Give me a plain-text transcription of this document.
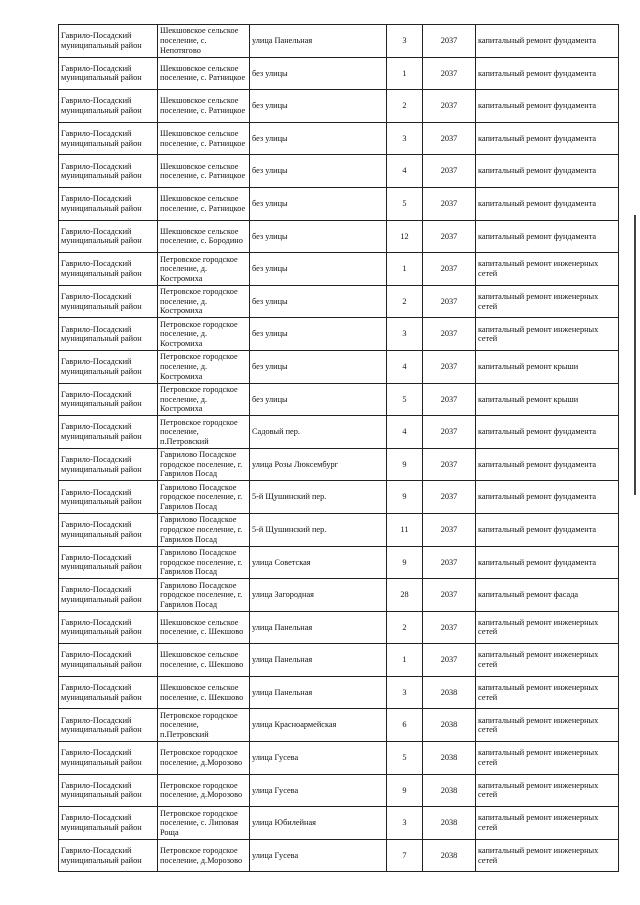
Гаврило-Посадский муниципальный район	Шекшовское сельское поселение, с. Непотягово	улица Панельная	3	2037	капитальный ремонт фундамента
Гаврило-Посадский муниципальный район	Шекшовское сельское поселение, с. Ратницкое	без улицы	1	2037	капитальный ремонт фундамента
Гаврило-Посадский муниципальный район	Шекшовское сельское поселение, с. Ратницкое	без улицы	2	2037	капитальный ремонт фундамента
Гаврило-Посадский муниципальный район	Шекшовское сельское поселение, с. Ратницкое	без улицы	3	2037	капитальный ремонт фундамента
Гаврило-Посадский муниципальный район	Шекшовское сельское поселение, с. Ратницкое	без улицы	4	2037	капитальный ремонт фундамента
Гаврило-Посадский муниципальный район	Шекшовское сельское поселение, с. Ратницкое	без улицы	5	2037	капитальный ремонт фундамента
Гаврило-Посадский муниципальный район	Шекшовское сельское поселение, с. Бородино	без улицы	12	2037	капитальный ремонт фундамента
Гаврило-Посадский муниципальный район	Петровское городское поселение, д. Костромиха	без улицы	1	2037	капитальный ремонт инженерных сетей
Гаврило-Посадский муниципальный район	Петровское городское поселение, д. Костромиха	без улицы	2	2037	капитальный ремонт инженерных сетей
Гаврило-Посадский муниципальный район	Петровское городское поселение, д. Костромиха	без улицы	3	2037	капитальный ремонт инженерных сетей
Гаврило-Посадский муниципальный район	Петровское городское поселение, д. Костромиха	без улицы	4	2037	капитальный ремонт крыши
Гаврило-Посадский муниципальный район	Петровское городское поселение, д. Костромиха	без улицы	5	2037	капитальный ремонт крыши
Гаврило-Посадский муниципальный район	Петровское городское поселение, п.Петровский	Садовый пер.	4	2037	капитальный ремонт фундамента
Гаврило-Посадский муниципальный район	Гаврилово Посадское городское поселение, г. Гаврилов Посад	улица Розы Люксембург	9	2037	капитальный ремонт фундамента
Гаврило-Посадский муниципальный район	Гаврилово Посадское городское поселение, г. Гаврилов Посад	5-й Щушинский пер.	9	2037	капитальный ремонт фундамента
Гаврило-Посадский муниципальный район	Гаврилово Посадское городское поселение, г. Гаврилов Посад	5-й Щушинский пер.	11	2037	капитальный ремонт фундамента
Гаврило-Посадский муниципальный район	Гаврилово Посадское городское поселение, г. Гаврилов Посад	улица Советская	9	2037	капитальный ремонт фундамента
Гаврило-Посадский муниципальный район	Гаврилово Посадское городское поселение, г. Гаврилов Посад	улица Загородная	28	2037	капитальный ремонт фасада
Гаврило-Посадский муниципальный район	Шекшовское сельское поселение, с. Шекшово	улица Панельная	2	2037	капитальный ремонт инженерных сетей
Гаврило-Посадский муниципальный район	Шекшовское сельское поселение, с. Шекшово	улица Панельная	1	2037	капитальный ремонт инженерных сетей
Гаврило-Посадский муниципальный район	Шекшовское сельское поселение, с. Шекшово	улица Панельная	3	2038	капитальный ремонт инженерных сетей
Гаврило-Посадский муниципальный район	Петровское городское поселение, п.Петровский	улица Красноармейская	6	2038	капитальный ремонт инженерных сетей
Гаврило-Посадский муниципальный район	Петровское городское поселение, д.Морозово	улица Гусева	5	2038	капитальный ремонт инженерных сетей
Гаврило-Посадский муниципальный район	Петровское городское поселение, д.Морозово	улица Гусева	9	2038	капитальный ремонт инженерных сетей
Гаврило-Посадский муниципальный район	Петровское городское поселение, с. Липовая Роща	улица Юбилейная	3	2038	капитальный ремонт инженерных сетей
Гаврило-Посадский муниципальный район	Петровское городское поселение, д.Морозово	улица Гусева	7	2038	капитальный ремонт инженерных сетей
